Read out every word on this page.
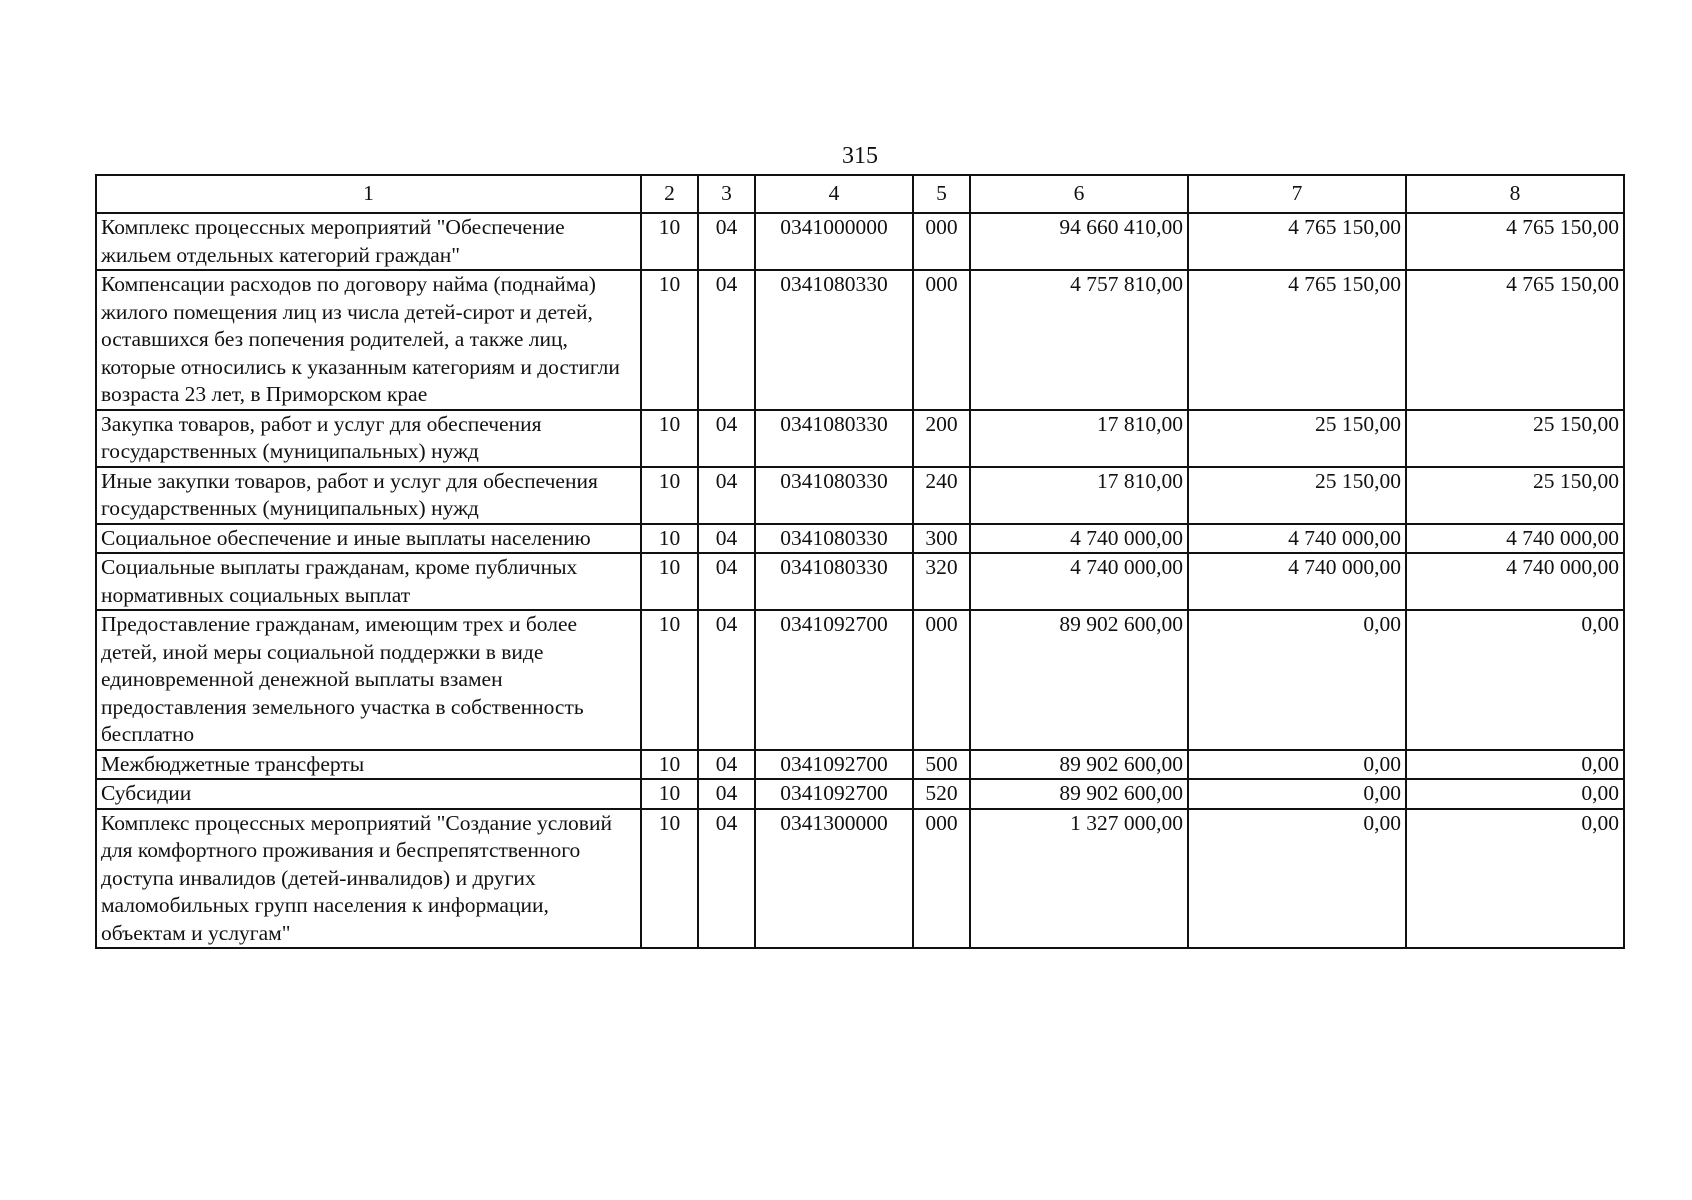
315
1	2	3	4	5	6	7	8
Комплекс процессных мероприятий "Обеспечение жильем отдельных категорий граждан"	10	04	0341000000	000	94 660 410,00	4 765 150,00	4 765 150,00
Компенсации расходов по договору найма (поднайма) жилого помещения лиц из числа детей-сирот и детей, оставшихся без попечения родителей, а также лиц, которые относились к указанным категориям и достигли возраста 23 лет, в Приморском крае	10	04	0341080330	000	4 757 810,00	4 765 150,00	4 765 150,00
Закупка товаров, работ и услуг для обеспечения государственных (муниципальных) нужд	10	04	0341080330	200	17 810,00	25 150,00	25 150,00
Иные закупки товаров, работ и услуг для обеспечения государственных (муниципальных) нужд	10	04	0341080330	240	17 810,00	25 150,00	25 150,00
Социальное обеспечение и иные выплаты населению	10	04	0341080330	300	4 740 000,00	4 740 000,00	4 740 000,00
Социальные выплаты гражданам, кроме публичных нормативных социальных выплат	10	04	0341080330	320	4 740 000,00	4 740 000,00	4 740 000,00
Предоставление гражданам, имеющим трех и более детей, иной меры социальной поддержки в виде единовременной денежной выплаты взамен предоставления земельного участка в собственность бесплатно	10	04	0341092700	000	89 902 600,00	0,00	0,00
Межбюджетные трансферты	10	04	0341092700	500	89 902 600,00	0,00	0,00
Субсидии	10	04	0341092700	520	89 902 600,00	0,00	0,00
Комплекс процессных мероприятий "Создание условий для комфортного проживания и беспрепятственного доступа инвалидов (детей-инвалидов) и других маломобильных групп населения к информации, объектам и услугам"	10	04	0341300000	000	1 327 000,00	0,00	0,00
